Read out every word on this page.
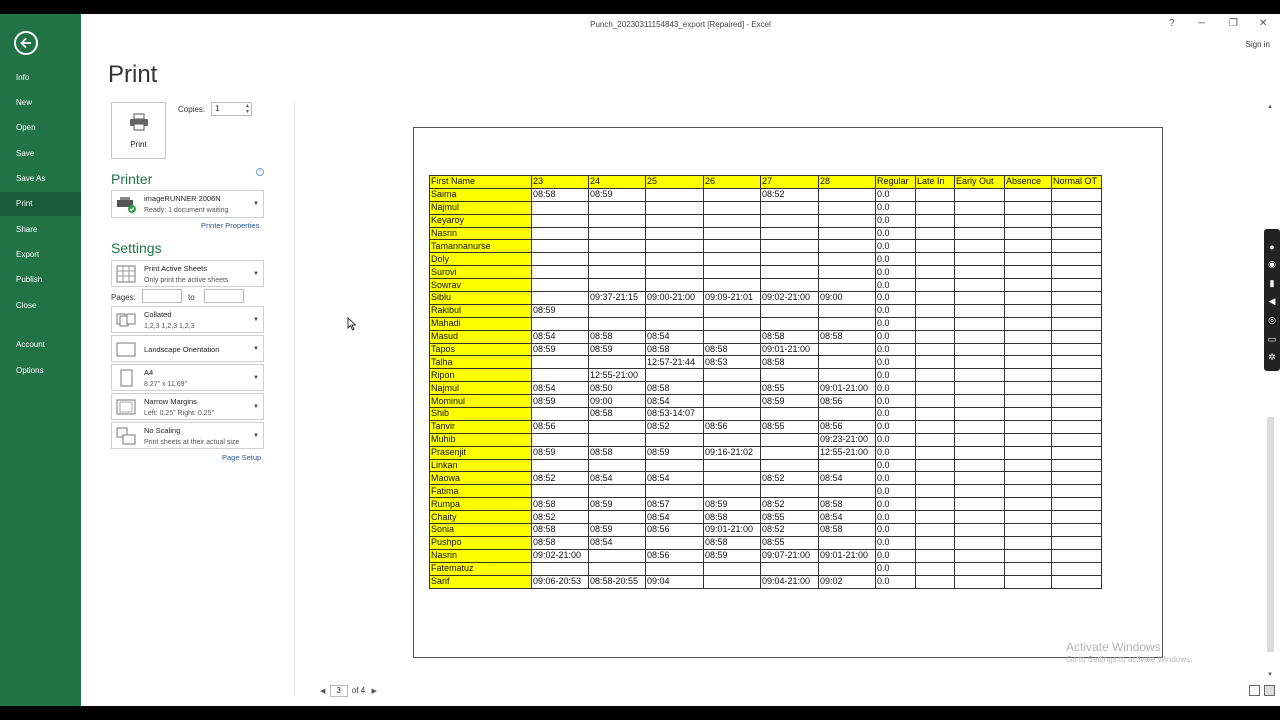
Info
New
Open
Save
Save As
Print
Share
Export
Publish
Close
Account
Options
Punch_20230311154843_export [Repaired] - Excel	? ─ ❐ ✕
Sign in
Print
Print
Copies:	1	▲
▼
Printer	i
imageRUNNER 2006N
Ready: 1 document waiting
▼
Printer Properties
Settings
Print Active Sheets
Only print the active sheets
▼
Pages:	to
Collated
1,2,3 1,2,3 1,2,3
▼
Landscape Orientation	▼
A4
8.27" x 11.69"
▼
Narrow Margins
Left: 0.25" Right: 0.25"
▼
No Scaling
Print sheets at their actual size
▼
Page Setup
First Name	23	24	25	26	27	28	Regular	Late In	Early Out	Absence	Normal OT
Saima	08:58	08:59			08:52		0.0				
Najmul							0.0				
Keyaroy							0.0				
Nasrin							0.0				
Tamannanurse							0.0				
Doly							0.0				
Surovi							0.0				
Sowrav							0.0				
Siblu		09:37-21:15	09:00-21:00	09:09-21:01	09:02-21:00	09:00	0.0				
Rakibul	08:59						0.0				
Mahadi							0.0				
Masud	08:54	08:58	08:54		08:58	08:58	0.0				
Tapos	08:59	08:59	08:58	08:58	09:01-21:00		0.0				
Talha			12:57-21:44	08:53	08:58		0.0				
Ripon		12:55-21:00					0.0				
Najmul	08:54	08:50	08:58		08:55	09:01-21:00	0.0				
Mominul	08:59	09:00	08:54		08:59	08:56	0.0				
Shib		08:58	08:53-14:07				0.0				
Tanvir	08:56		08:52	08:56	08:55	08:56	0.0				
Muhib						09:23-21:00	0.0				
Prasenjit	08:59	08:58	08:59	09:16-21:02		12:55-21:00	0.0				
Linkan							0.0				
Maowa	08:52	08:54	08:54		08:52	08:54	0.0				
Fatima							0.0				
Rumpa	08:58	08:59	08:57	08:59	08:52	08:58	0.0				
Chaity	08:52		08:54	08:58	08:55	08:54	0.0				
Sonia	08:58	08:59	08:56	09:01-21:00	08:52	08:58	0.0				
Pushpo	08:58	08:54		08:58	08:55		0.0				
Nasrin	09:02-21:00		08:56	08:59	09:07-21:00	09:01-21:00	0.0				
Fatematuz							0.0				
Sarif	09:06-20:53	08:58-20:55	09:04		09:04-21:00	09:02	0.0				
▲
▼
●
◉
▮
◀
◎
▭
✲
◀ 3 of 4 ▶
Activate Windows
Go to Settings to activate Windows.
